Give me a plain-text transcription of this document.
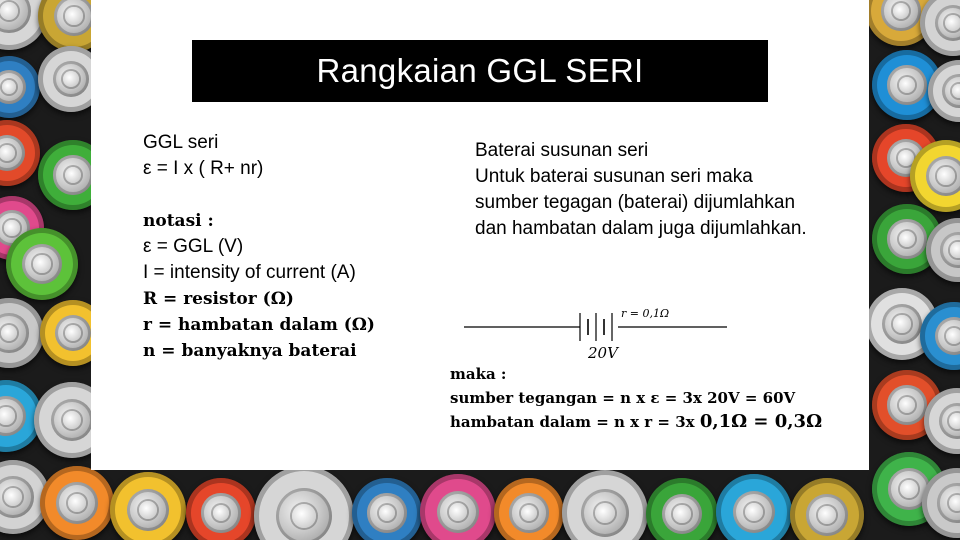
Rangkaian GGL SERI
GGL seri
ε = I x ( R+ nr)
notasi :
ε = GGL (V)
I = intensity of current (A)
R = resistor (Ω)
r = hambatan dalam (Ω)
n = banyaknya baterai
Baterai susunan seri
Untuk baterai susunan seri maka sumber tegagan (baterai) dijumlahkan dan hambatan dalam juga dijumlahkan.
r = 0,1Ω
20V
maka :
sumber tegangan = n x ε = 3x 20V = 60V
hambatan dalam = n x r = 3x 0,1Ω = 0,3Ω
